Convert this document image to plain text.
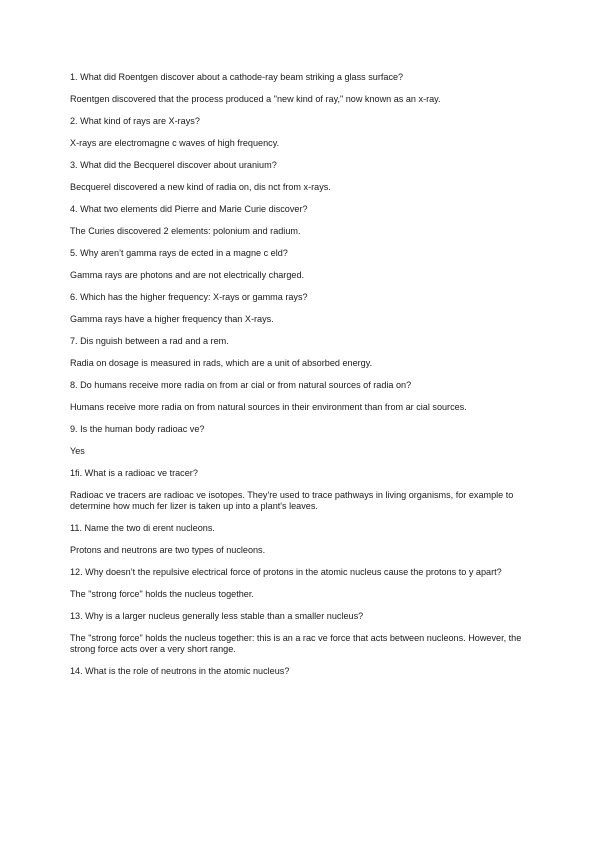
1. What did Roentgen discover about a cathode-ray beam striking a glass surface?

Roentgen discovered that the process produced a "new kind of ray," now known as an x-ray.

2. What kind of rays are X-rays?

X-rays are electromagne c waves of high frequency.

3. What did the Becquerel discover about uranium?

Becquerel discovered a new kind of radia on, dis nct from x-rays.

4. What two elements did Pierre and Marie Curie discover?

The Curies discovered 2 elements: polonium and radium.

5. Why aren’t gamma rays de ected in a magne c eld?

Gamma rays are photons and are not electrically charged.

6. Which has the higher frequency: X-rays or gamma rays?

Gamma rays have a higher frequency than X-rays.

7. Dis nguish between a rad and a rem.

Radia on dosage is measured in rads, which are a unit of absorbed energy.

8. Do humans receive more radia on from ar cial or from natural sources of radia on?

Humans receive more radia on from natural sources in their environment than from ar cial sources.

9. Is the human body radioac ve?

Yes

1fi. What is a radioac ve tracer?

Radioac ve tracers are radioac ve isotopes. They're used to trace pathways in living organisms, for example to determine how much fer lizer is taken up into a plant's leaves.

11. Name the two di erent nucleons.

Protons and neutrons are two types of nucleons.

12. Why doesn’t the repulsive electrical force of protons in the atomic nucleus cause the protons to y apart?

The "strong force" holds the nucleus together.

13. Why is a larger nucleus generally less stable than a smaller nucleus?

The "strong force" holds the nucleus together: this is an a rac ve force that acts between nucleons. However, the strong force acts over a very short range.

14. What is the role of neutrons in the atomic nucleus?
